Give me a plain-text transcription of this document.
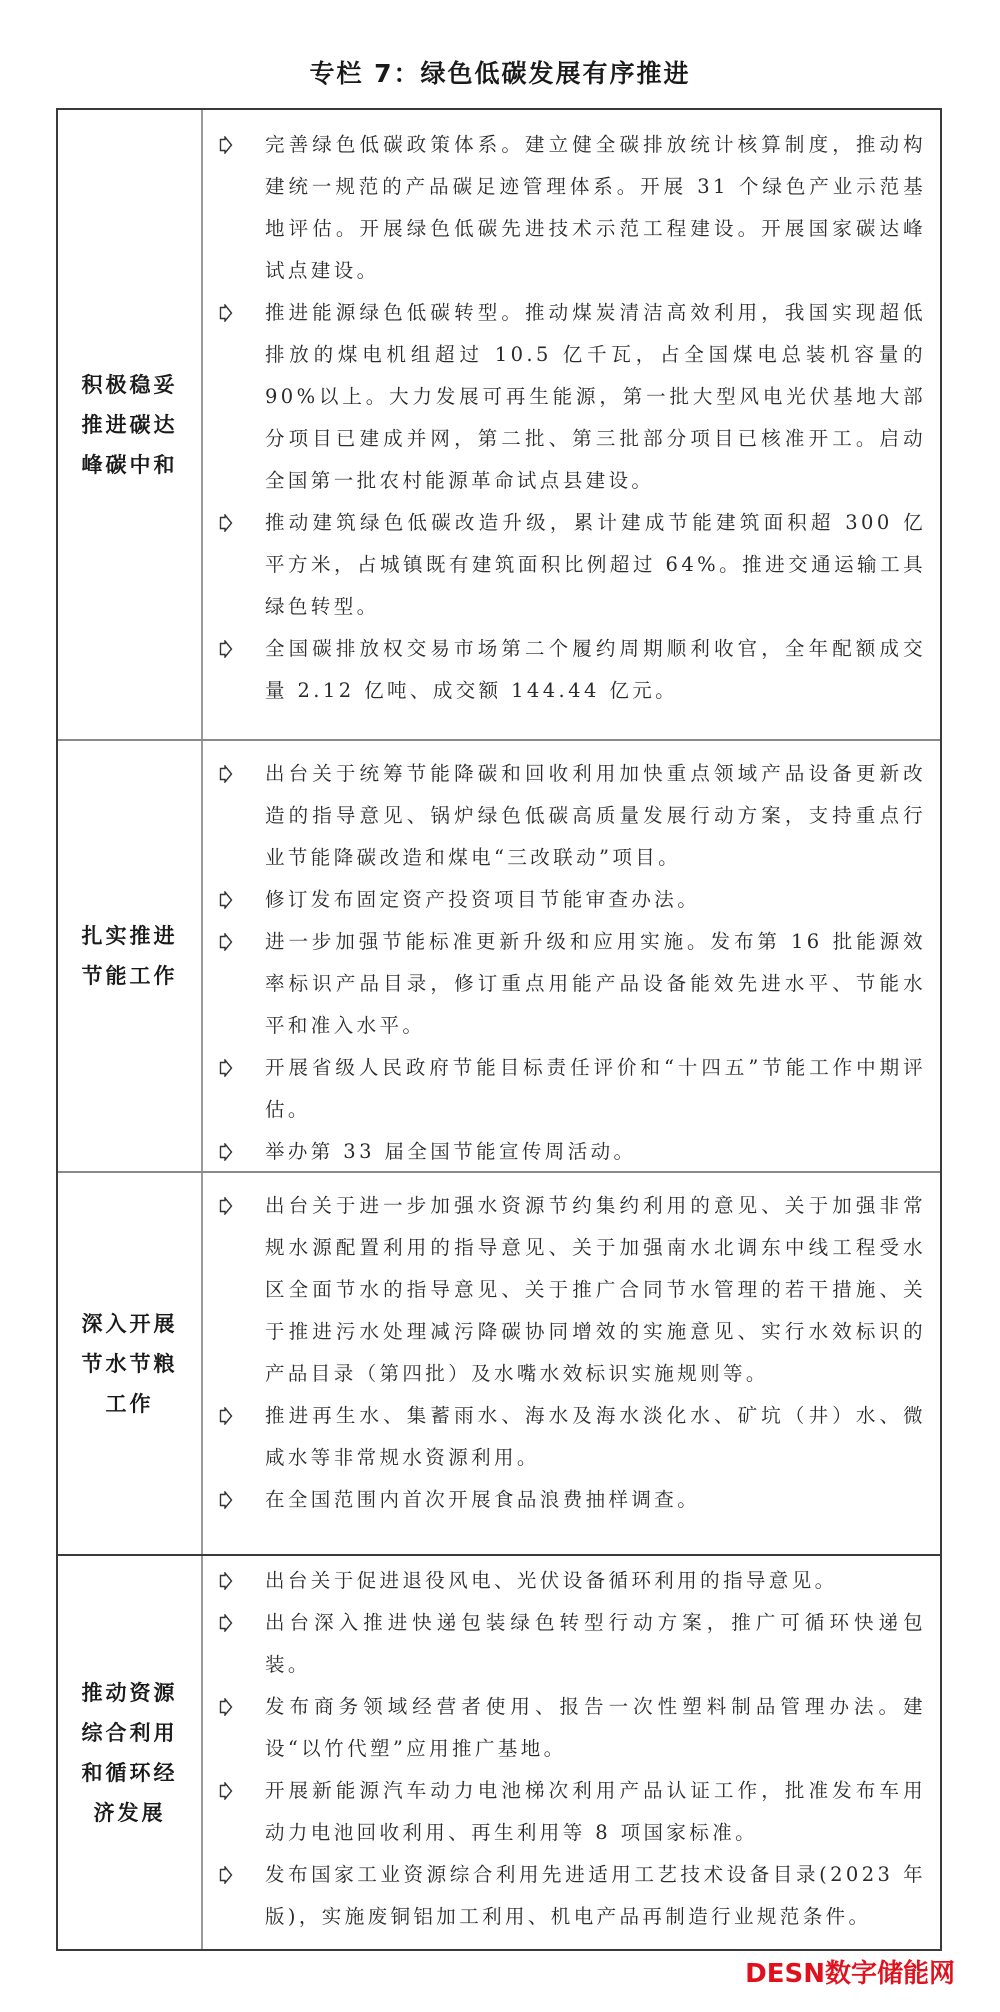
专栏 7：绿色低碳发展有序推进
积极稳妥推进碳达峰碳中和
完善绿色低碳政策体系。建立健全碳排放统计核算制度，推动构建统一规范的产品碳足迹管理体系。开展 31 个绿色产业示范基地评估。开展绿色低碳先进技术示范工程建设。开展国家碳达峰试点建设。
推进能源绿色低碳转型。推动煤炭清洁高效利用，我国实现超低排放的煤电机组超过 10.5 亿千瓦，占全国煤电总装机容量的 90%以上。大力发展可再生能源，第一批大型风电光伏基地大部分项目已建成并网，第二批、第三批部分项目已核准开工。启动全国第一批农村能源革命试点县建设。
推动建筑绿色低碳改造升级，累计建成节能建筑面积超 300 亿平方米，占城镇既有建筑面积比例超过 64%。推进交通运输工具绿色转型。
全国碳排放权交易市场第二个履约周期顺利收官，全年配额成交量 2.12 亿吨、成交额 144.44 亿元。
扎实推进节能工作
出台关于统筹节能降碳和回收利用加快重点领域产品设备更新改造的指导意见、锅炉绿色低碳高质量发展行动方案，支持重点行业节能降碳改造和煤电“三改联动”项目。
修订发布固定资产投资项目节能审查办法。
进一步加强节能标准更新升级和应用实施。发布第 16 批能源效率标识产品目录，修订重点用能产品设备能效先进水平、节能水平和准入水平。
开展省级人民政府节能目标责任评价和“十四五”节能工作中期评估。
举办第 33 届全国节能宣传周活动。
深入开展节水节粮工作
出台关于进一步加强水资源节约集约利用的意见、关于加强非常规水源配置利用的指导意见、关于加强南水北调东中线工程受水区全面节水的指导意见、关于推广合同节水管理的若干措施、关于推进污水处理减污降碳协同增效的实施意见、实行水效标识的产品目录（第四批）及水嘴水效标识实施规则等。
推进再生水、集蓄雨水、海水及海水淡化水、矿坑（井）水、微咸水等非常规水资源利用。
在全国范围内首次开展食品浪费抽样调查。
推动资源综合利用和循环经济发展
出台关于促进退役风电、光伏设备循环利用的指导意见。
出台深入推进快递包装绿色转型行动方案，推广可循环快递包装。
发布商务领域经营者使用、报告一次性塑料制品管理办法。建设“以竹代塑”应用推广基地。
开展新能源汽车动力电池梯次利用产品认证工作，批准发布车用动力电池回收利用、再生利用等 8 项国家标准。
发布国家工业资源综合利用先进适用工艺技术设备目录(2023 年版)，实施废铜铝加工利用、机电产品再制造行业规范条件。
DESN数字储能网
